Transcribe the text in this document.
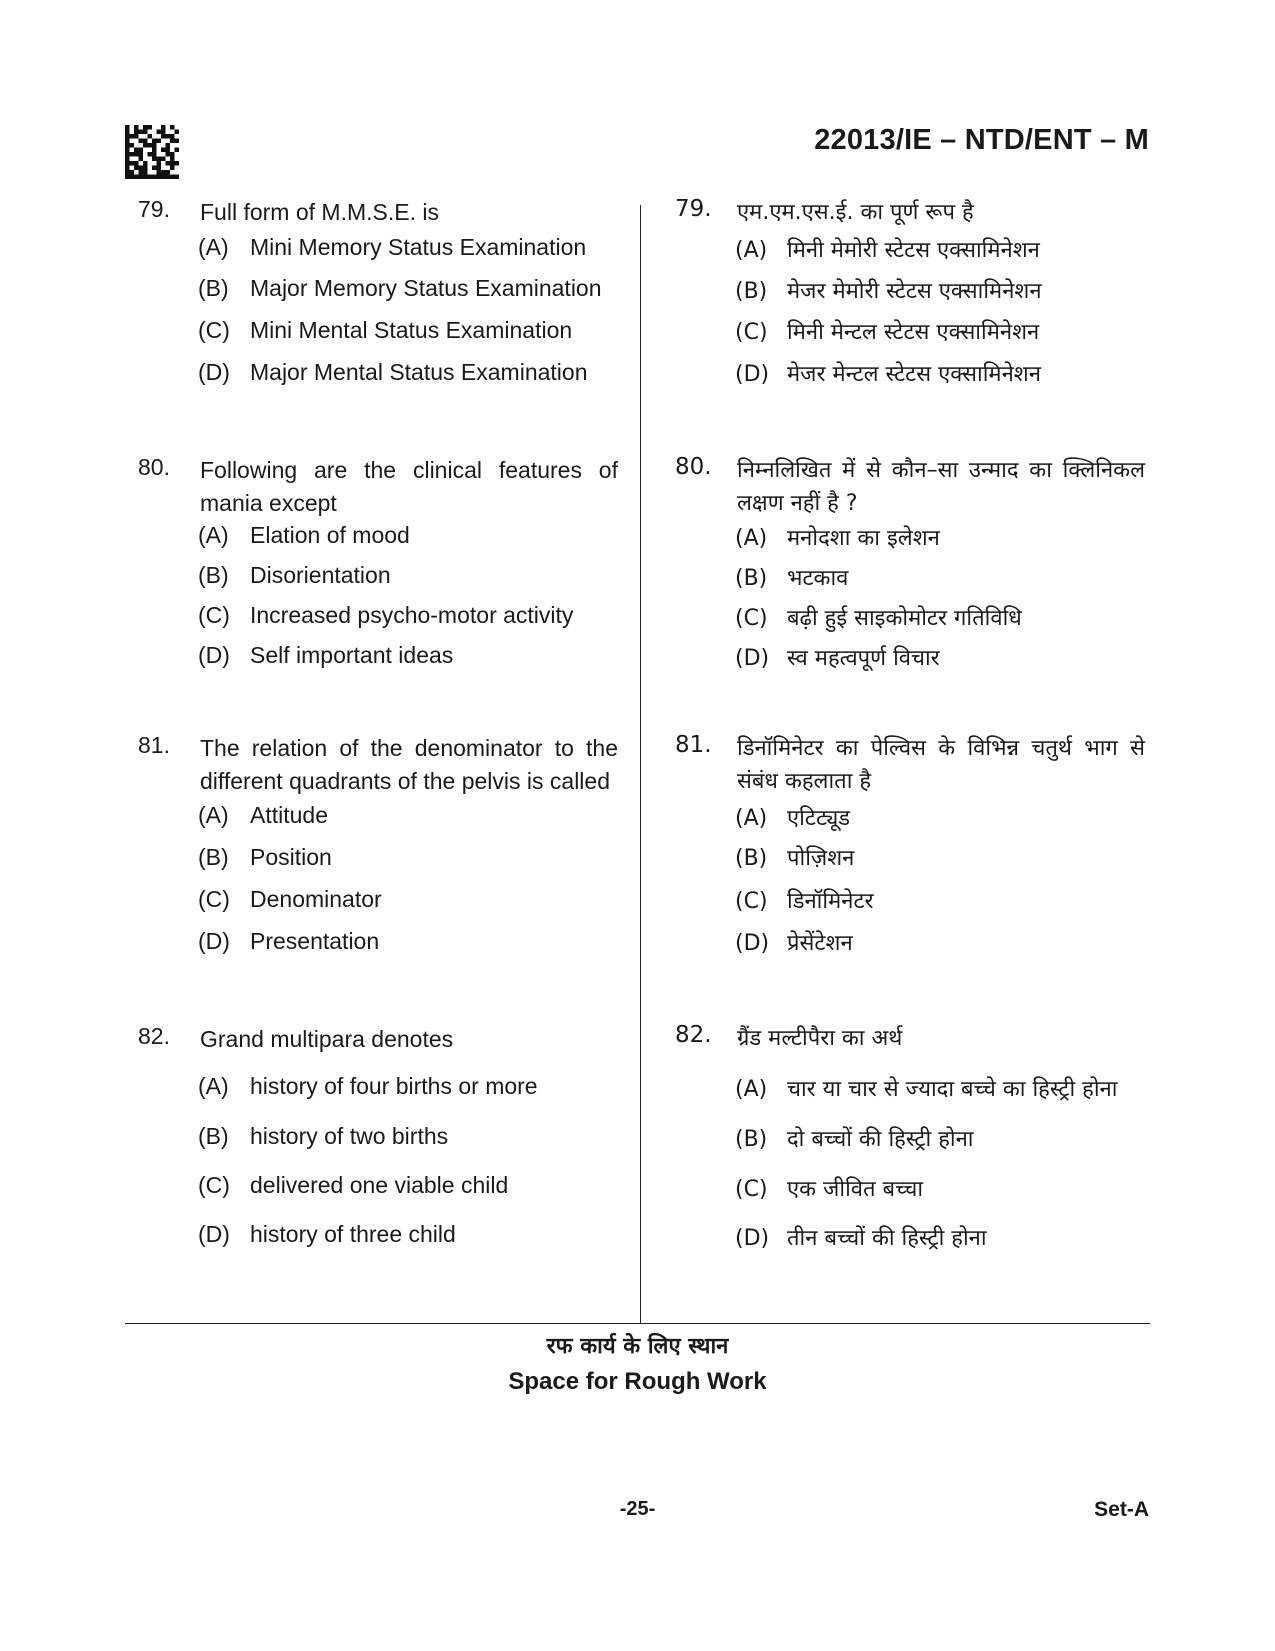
22013/IE – NTD/ENT – M
79. Full form of M.M.S.E. is
(A) Mini Memory Status Examination
(B) Major Memory Status Examination
(C) Mini Mental Status Examination
(D) Major Mental Status Examination
80. Following are the clinical features of mania except
(A) Elation of mood
(B) Disorientation
(C) Increased psycho-motor activity
(D) Self important ideas
81. The relation of the denominator to the different quadrants of the pelvis is called
(A) Attitude
(B) Position
(C) Denominator
(D) Presentation
82. Grand multipara denotes
(A) history of four births or more
(B) history of two births
(C) delivered one viable child
(D) history of three child
79. एम.एम.एस.ई. का पूर्ण रूप है
(A) मिनी मेमोरी स्टेटस एक्सामिनेशन
(B) मेजर मेमोरी स्टेटस एक्सामिनेशन
(C) मिनी मेन्टल स्टेटस एक्सामिनेशन
(D) मेजर मेन्टल स्टेटस एक्सामिनेशन
80. निम्नलिखित में से कौन–सा उन्माद का क्लिनिकल लक्षण नहीं है ?
(A) मनोदशा का इलेशन
(B) भटकाव
(C) बढ़ी हुई साइकोमोटर गतिविधि
(D) स्व महत्वपूर्ण विचार
81. डिनॉमिनेटर का पेल्विस के विभिन्न चतुर्थ भाग से संबंध कहलाता है
(A) एटिट्यूड
(B) पोज़िशन
(C) डिनॉमिनेटर
(D) प्रेसेंटेशन
82. ग्रैंड मल्टीपैरा का अर्थ
(A) चार या चार से ज्यादा बच्चे का हिस्ट्री होना
(B) दो बच्चों की हिस्ट्री होना
(C) एक जीवित बच्चा
(D) तीन बच्चों की हिस्ट्री होना
रफ कार्य के लिए स्थान
Space for Rough Work
-25-	Set-A
